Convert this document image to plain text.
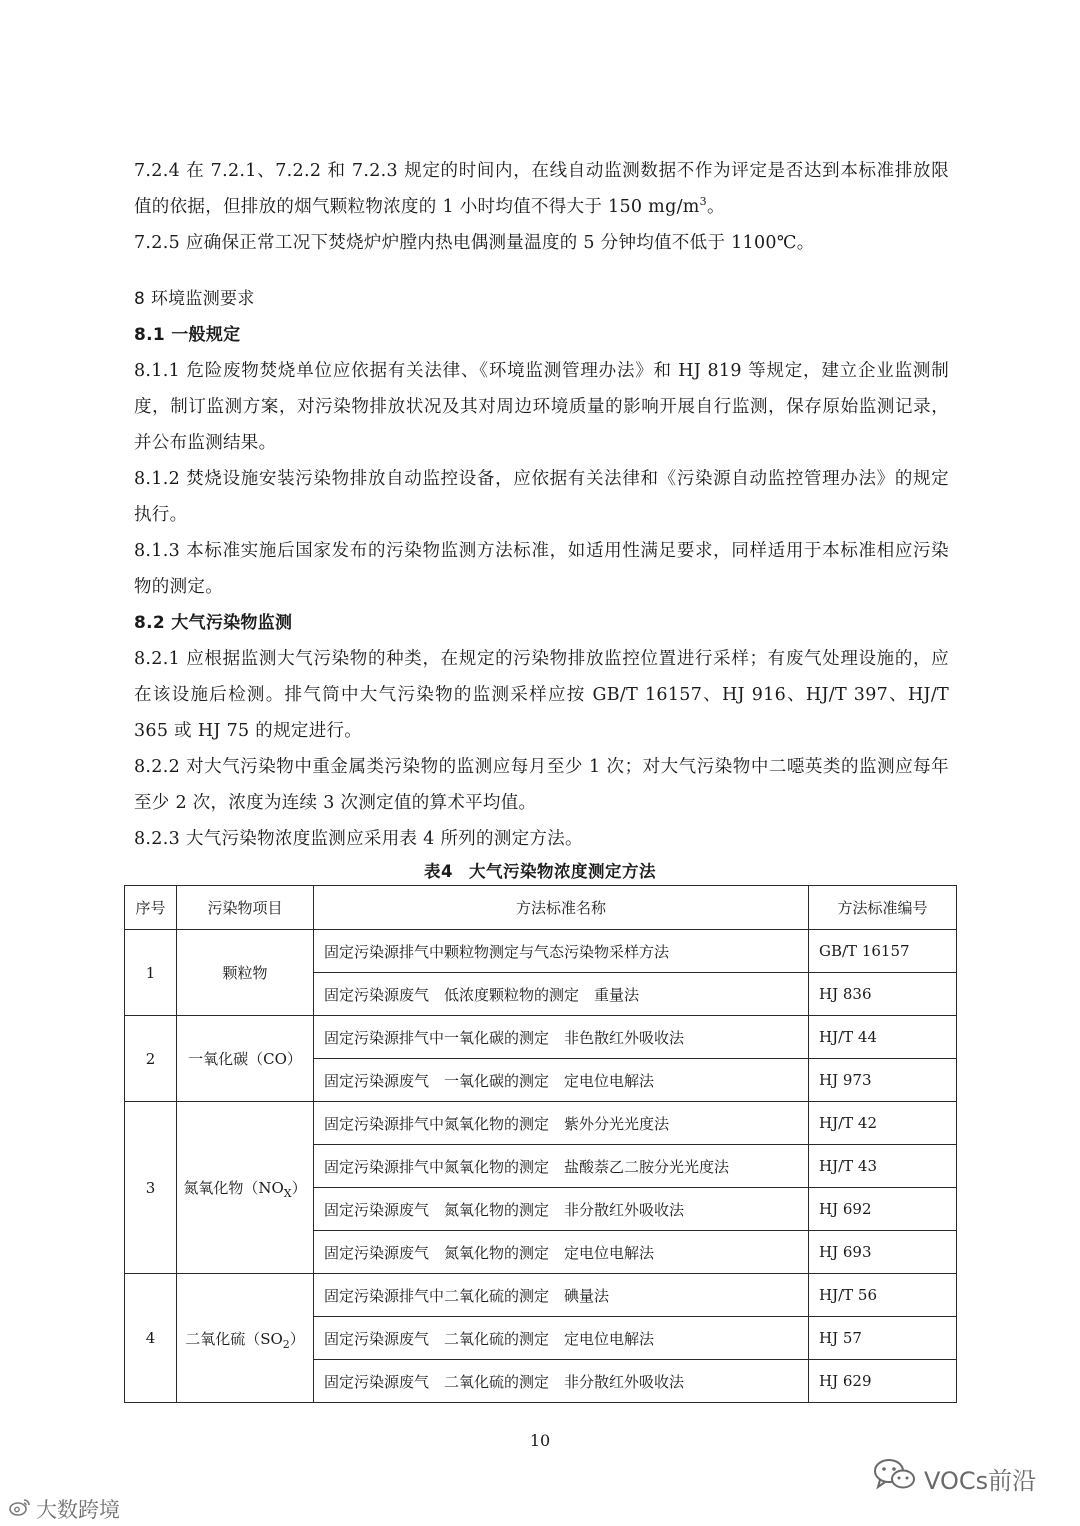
7.2.4 在 7.2.1、7.2.2 和 7.2.3 规定的时间内，在线自动监测数据不作为评定是否达到本标准排放限值的依据，但排放的烟气颗粒物浓度的 1 小时均值不得大于 150 $mg/m^3$。

7.2.5 应确保正常工况下焚烧炉炉膛内热电偶测量温度的 5 分钟均值不低于 1100℃。

8 环境监测要求

8.1 一般规定

8.1.1 危险废物焚烧单位应依据有关法律、《环境监测管理办法》和 HJ 819 等规定，建立企业监测制度，制订监测方案，对污染物排放状况及其对周边环境质量的影响开展自行监测，保存原始监测记录，并公布监测结果。

8.1.2 焚烧设施安装污染物排放自动监控设备，应依据有关法律和《污染源自动监控管理办法》的规定执行。

8.1.3 本标准实施后国家发布的污染物监测方法标准，如适用性满足要求，同样适用于本标准相应污染物的测定。

8.2 大气污染物监测

8.2.1 应根据监测大气污染物的种类，在规定的污染物排放监控位置进行采样；有废气处理设施的，应在该设施后检测。排气筒中大气污染物的监测采样应按 GB/T 16157、HJ 916、HJ/T 397、HJ/T 365 或 HJ 75 的规定进行。

8.2.2 对大气污染物中重金属类污染物的监测应每月至少 1 次；对大气污染物中二噁英类的监测应每年至少 2 次，浓度为连续 3 次测定值的算术平均值。

8.2.3 大气污染物浓度监测应采用表 4 所列的测定方法。

表4 大气污染物浓度测定方法
序号	污染物项目	方法标准名称	方法标准编号
1	颗粒物	固定污染源排气中颗粒物测定与气态污染物采样方法	GB/T 16157
		固定污染源废气　低浓度颗粒物的测定　重量法	HJ 836
2	一氧化碳（CO）	固定污染源排气中一氧化碳的测定　非色散红外吸收法	HJ/T 44
		固定污染源废气　一氧化碳的测定　定电位电解法	HJ 973
3	氮氧化物$(NO_X)$	固定污染源排气中氮氧化物的测定　紫外分光光度法	HJ/T 42
		固定污染源排气中氮氧化物的测定　盐酸萘乙二胺分光光度法	HJ/T 43
		固定污染源废气　氮氧化物的测定　非分散红外吸收法	HJ 692
		固定污染源废气　氮氧化物的测定　定电位电解法	HJ 693
4	二氧化硫$(SO_2)$	固定污染源排气中二氧化硫的测定　碘量法	HJ/T 56
		固定污染源废气　二氧化硫的测定　定电位电解法	HJ 57
		固定污染源废气　二氧化硫的测定　非分散红外吸收法	HJ 629
10
大数跨境
VOCs前沿
